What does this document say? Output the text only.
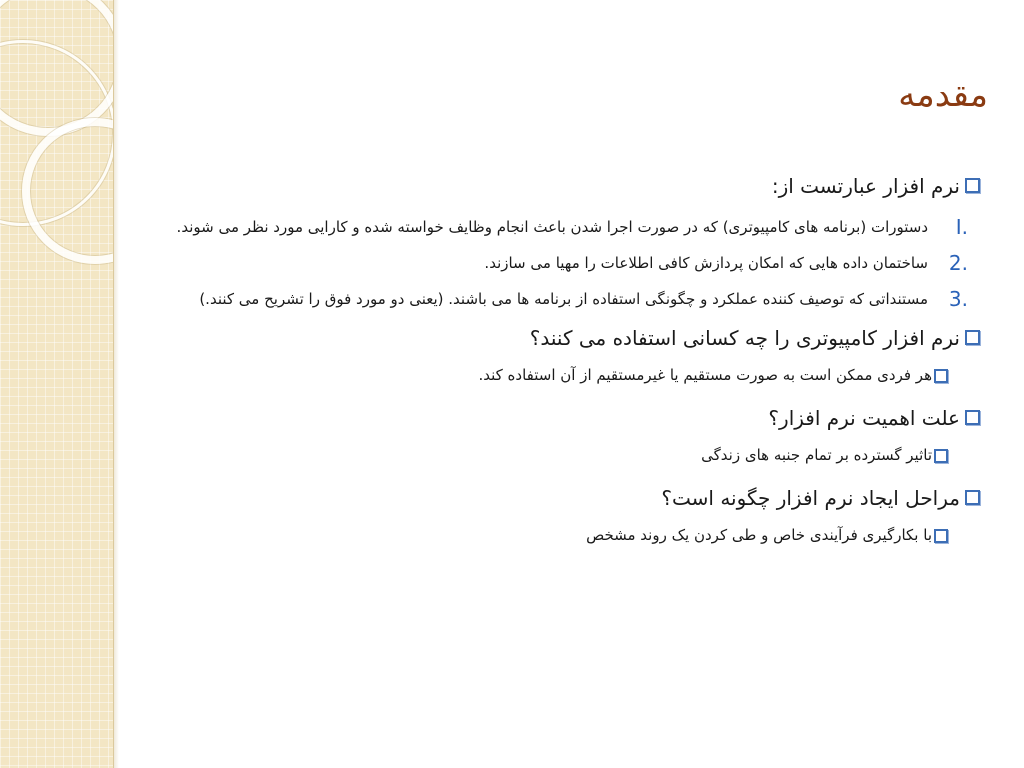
مقدمه
نرم افزار عبارتست از:
.I
دستورات (برنامه های کامپیوتری) که در صورت اجرا شدن باعث انجام وظایف خواسته شده و کارایی مورد نظر می شوند.
.2
ساختمان داده هایی که امکان پردازش کافی اطلاعات را مهیا می سازند.
.3
مستنداتی که توصیف کننده عملکرد و چگونگی استفاده از برنامه ها می باشند. (یعنی دو مورد فوق را تشریح می کنند.)
نرم افزار کامپیوتری را چه کسانی استفاده می کنند؟
هر فردی ممکن است به صورت مستقیم یا غیرمستقیم از آن استفاده کند.
علت اهمیت نرم افزار؟
تاثیر گسترده بر تمام جنبه های زندگی
مراحل ایجاد نرم افزار چگونه است؟
با بکارگیری فرآیندی خاص و طی کردن یک روند مشخص
